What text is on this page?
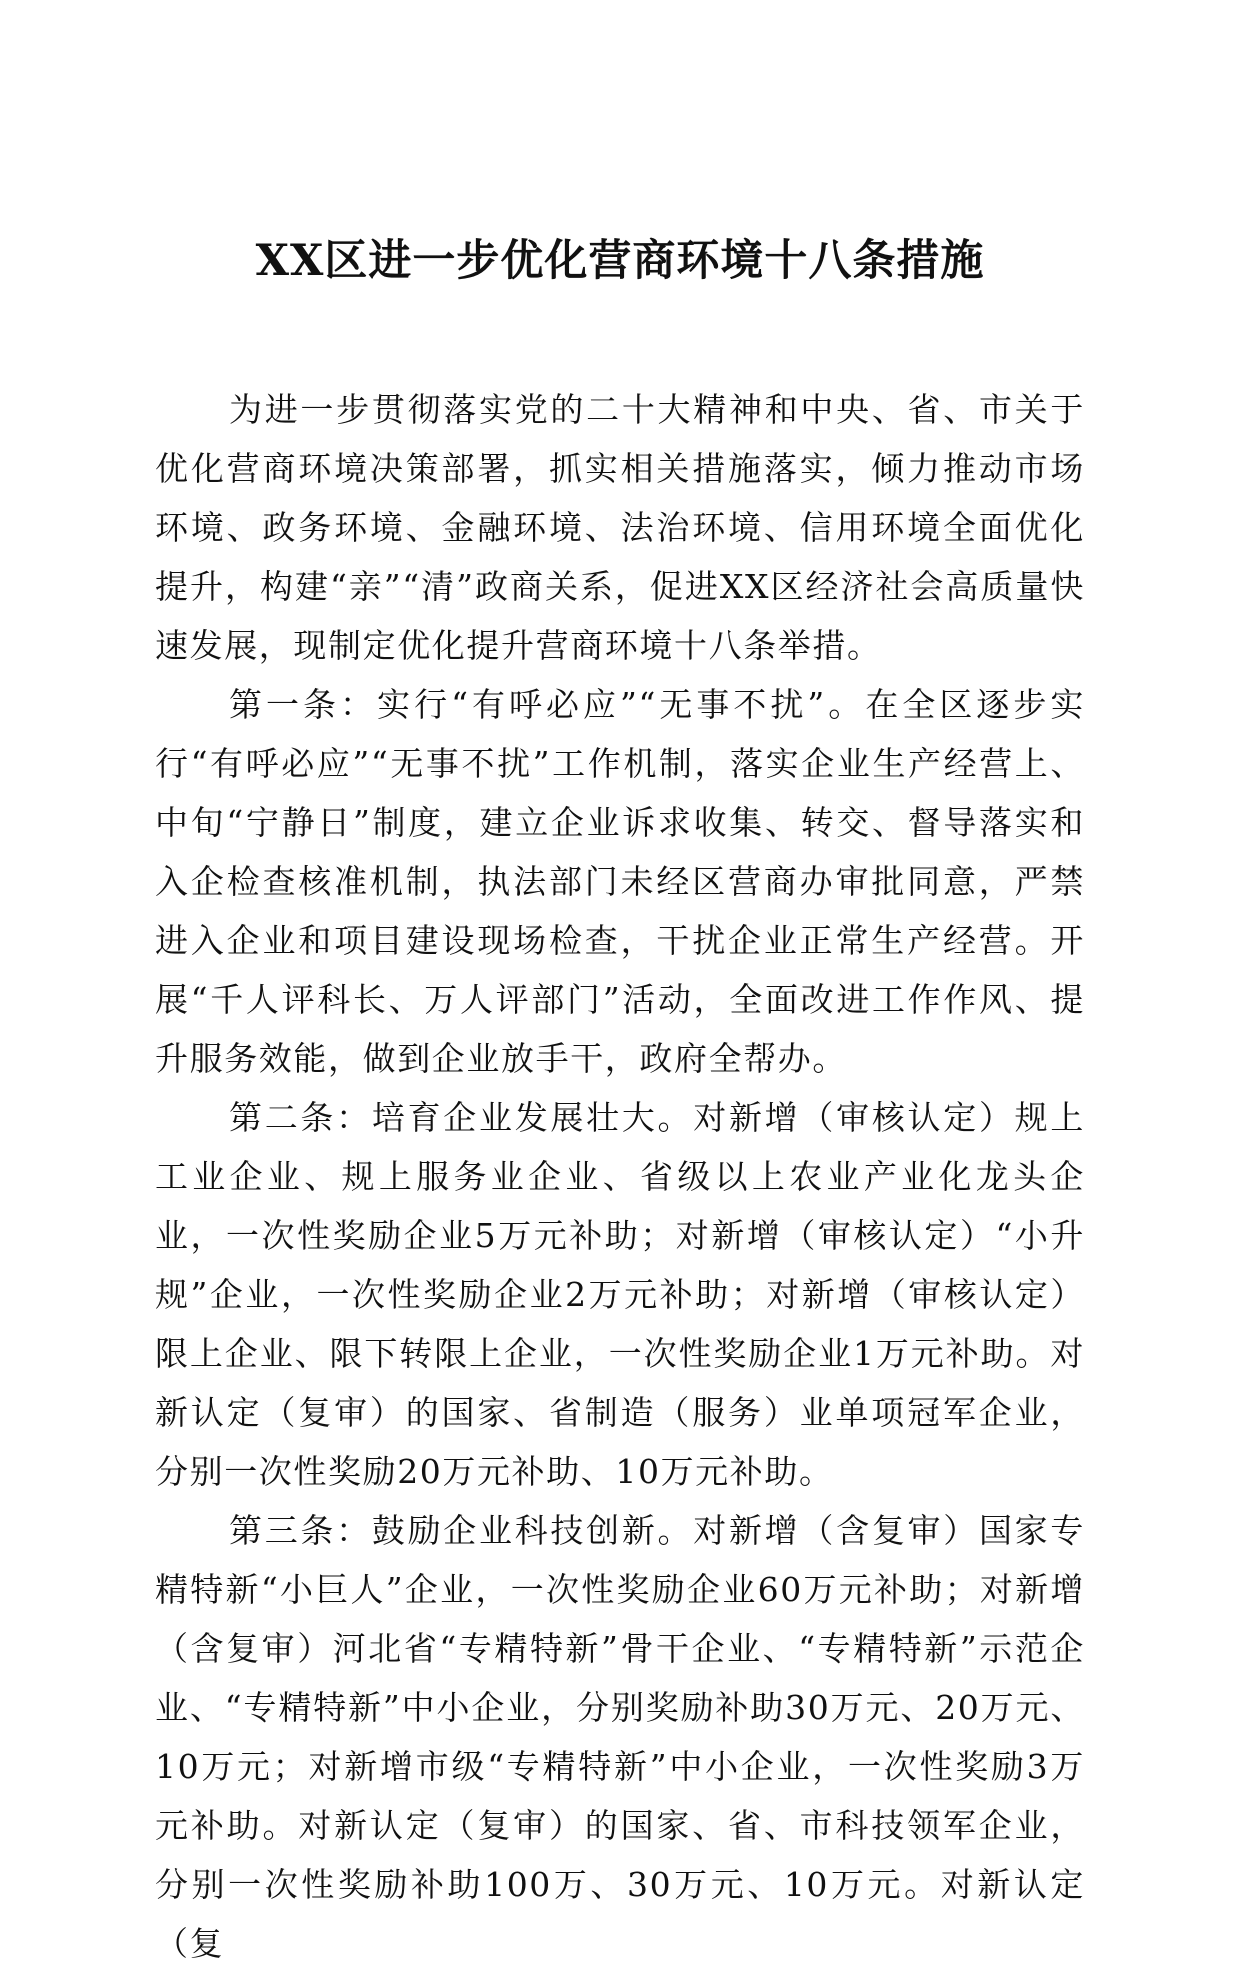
XX区进一步优化营商环境十八条措施

为进一步贯彻落实党的二十大精神和中央、省、市关于优化营商环境决策部署，抓实相关措施落实，倾力推动市场环境、政务环境、金融环境、法治环境、信用环境全面优化提升，构建“亲”“清”政商关系，促进XX区经济社会高质量快速发展，现制定优化提升营商环境十八条举措。

第一条：实行“有呼必应”“无事不扰”。在全区逐步实行“有呼必应”“无事不扰”工作机制，落实企业生产经营上、中旬“宁静日”制度，建立企业诉求收集、转交、督导落实和入企检查核准机制，执法部门未经区营商办审批同意，严禁进入企业和项目建设现场检查，干扰企业正常生产经营。开展“千人评科长、万人评部门”活动，全面改进工作作风、提升服务效能，做到企业放手干，政府全帮办。

第二条：培育企业发展壮大。对新增（审核认定）规上工业企业、规上服务业企业、省级以上农业产业化龙头企业，一次性奖励企业5万元补助；对新增（审核认定）“小升规”企业，一次性奖励企业2万元补助；对新增（审核认定）限上企业、限下转限上企业，一次性奖励企业1万元补助。对新认定（复审）的国家、省制造（服务）业单项冠军企业，分别一次性奖励20万元补助、10万元补助。

第三条：鼓励企业科技创新。对新增（含复审）国家专精特新“小巨人”企业，一次性奖励企业60万元补助；对新增（含复审）河北省“专精特新”骨干企业、“专精特新”示范企业、“专精特新”中小企业，分别奖励补助30万元、20万元、10万元；对新增市级“专精特新”中小企业，一次性奖励3万元补助。对新认定（复审）的国家、省、市科技领军企业，分别一次性奖励补助100万、30万元、10万元。对新认定（复
